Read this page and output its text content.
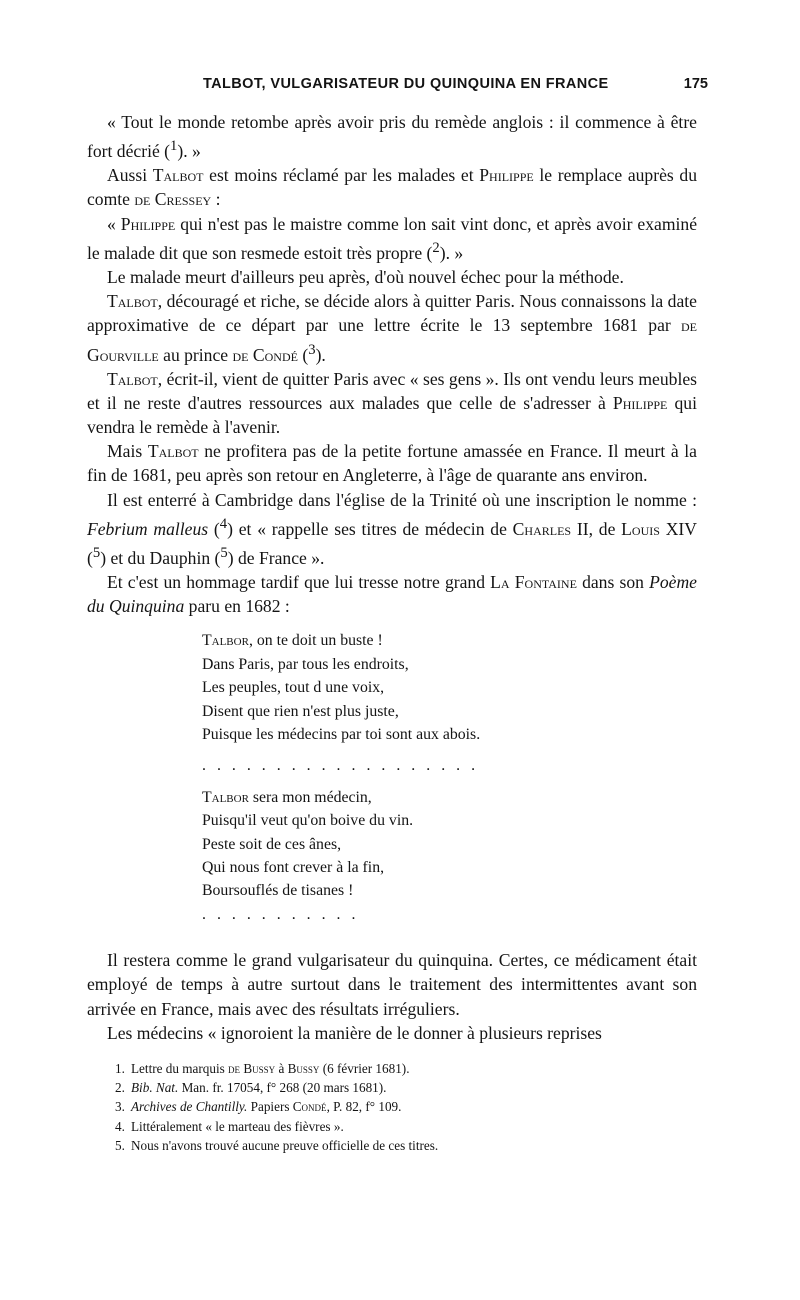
TALBOT, VULGARISATEUR DU QUINQUINA EN FRANCE	175

« Tout le monde retombe après avoir pris du remède anglois : il commence à être fort décrié ($^1$). »

Aussi Talbot est moins réclamé par les malades et Philippe le remplace auprès du comte de Cressey :

« Philippe qui n'est pas le maistre comme lon sait vint donc, et après avoir examiné le malade dit que son resmede estoit très propre ($^2$). »

Le malade meurt d'ailleurs peu après, d'où nouvel échec pour la méthode.

Talbot, découragé et riche, se décide alors à quitter Paris. Nous connaissons la date approximative de ce départ par une lettre écrite le 13 septembre 1681 par de Gourville au prince de Condé ($^3$).

Talbot, écrit-il, vient de quitter Paris avec « ses gens ». Ils ont vendu leurs meubles et il ne reste d'autres ressources aux malades que celle de s'adresser à Philippe qui vendra le remède à l'avenir.

Mais Talbot ne profitera pas de la petite fortune amassée en France. Il meurt à la fin de 1681, peu après son retour en Angleterre, à l'âge de quarante ans environ.

Il est enterré à Cambridge dans l'église de la Trinité où une inscription le nomme : Febrium malleus ($^4$) et « rappelle ses titres de médecin de Charles II, de Louis XIV ($^5$) et du Dauphin ($^5$) de France ».

Et c'est un hommage tardif que lui tresse notre grand La Fontaine dans son Poème du Quinquina paru en 1682 :

Talbor, on te doit un buste !

Dans Paris, par tous les endroits,

Les peuples, tout d une voix,

Disent que rien n'est plus juste,

Puisque les médecins par toi sont aux abois.

...................

Talbor sera mon médecin,

Puisqu'il veut qu'on boive du vin.

Peste soit de ces ânes,

Qui nous font crever à la fin,

Boursouflés de tisanes !

...........

Il restera comme le grand vulgarisateur du quinquina. Certes, ce médicament était employé de temps à autre surtout dans le traitement des intermittentes avant son arrivée en France, mais avec des résultats irréguliers.

Les médecins « ignoroient la manière de le donner à plusieurs reprises

1. Lettre du marquis de Bussy à Bussy (6 février 1681).

2. Bib. Nat. Man. fr. 17054, f° 268 (20 mars 1681).

3. Archives de Chantilly. Papiers Condé, P. 82, f° 109.

4. Littéralement « le marteau des fièvres ».

5. Nous n'avons trouvé aucune preuve officielle de ces titres.
